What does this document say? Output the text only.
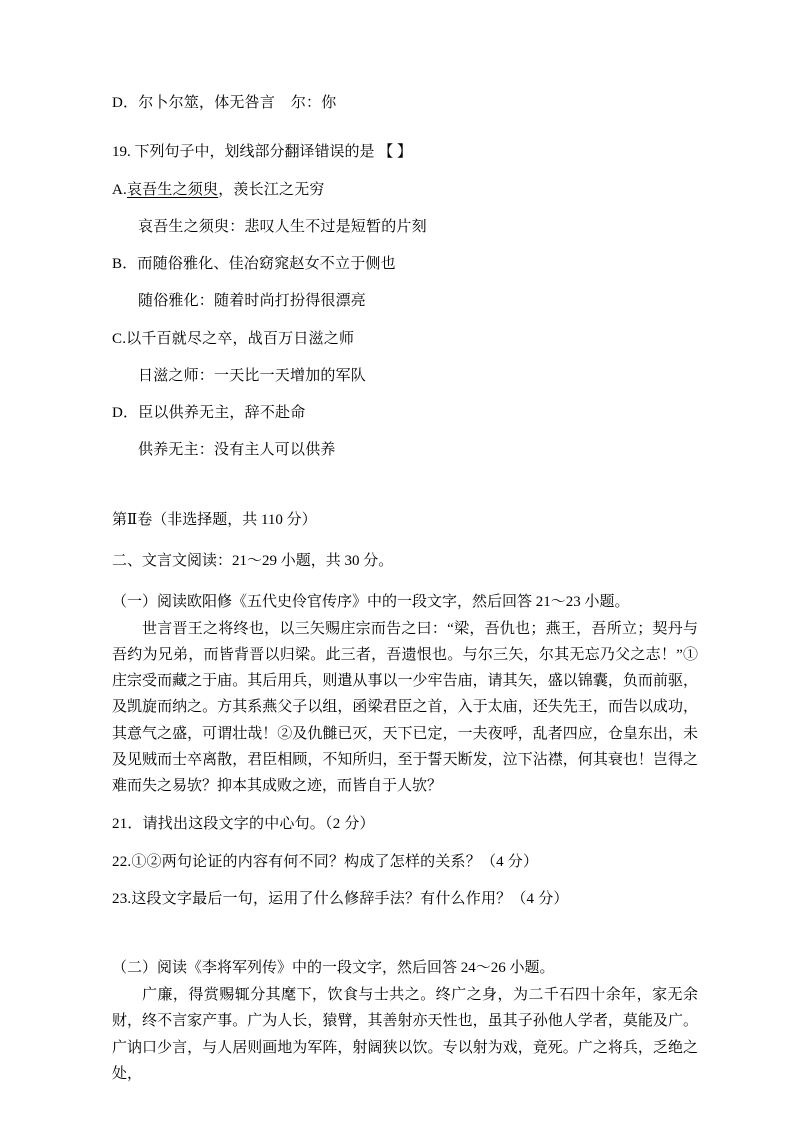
D．尔卜尔筮，体无咎言    尔：你
19. 下列句子中，划线部分翻译错误的是 【 】
A.哀吾生之须臾，羡长江之无穷
哀吾生之须臾：悲叹人生不过是短暂的片刻
B．而随俗雅化、佳冶窈窕赵女不立于侧也
随俗雅化：随着时尚打扮得很漂亮
C.以千百就尽之卒，战百万日滋之师
日滋之师：一天比一天增加的军队
D．臣以供养无主，辞不赴命
供养无主：没有主人可以供养
第Ⅱ卷（非选择题，共 110 分）
二、文言文阅读：21～29 小题，共 30 分。
（一）阅读欧阳修《五代史伶官传序》中的一段文字，然后回答 21～23 小题。
世言晋王之将终也，以三矢赐庄宗而告之曰：“梁，吾仇也；燕王，吾所立；契丹与吾约为兄弟，而皆背晋以归梁。此三者，吾遗恨也。与尔三矢，尔其无忘乃父之志！”①庄宗受而藏之于庙。其后用兵，则遣从事以一少牢告庙，请其矢，盛以锦囊，负而前驱，及凯旋而纳之。方其系燕父子以组，函梁君臣之首，入于太庙，还失先王，而告以成功，其意气之盛，可谓壮哉！②及仇雠已灭，天下已定，一夫夜呼，乱者四应，仓皇东出，未及见贼而士卒离散，君臣相顾，不知所归，至于誓天断发，泣下沾襟，何其衰也！岂得之难而失之易欤？抑本其成败之迹，而皆自于人欤？
21．请找出这段文字的中心句。（2 分）
22.①②两句论证的内容有何不同？构成了怎样的关系？（4 分）
23.这段文字最后一句，运用了什么修辞手法？有什么作用？（4 分）
（二）阅读《李将军列传》中的一段文字，然后回答 24～26 小题。
广廉，得赏赐辄分其麾下，饮食与士共之。终广之身，为二千石四十余年，家无余财，终不言家产事。广为人长，猿臂，其善射亦天性也，虽其子孙他人学者，莫能及广。广讷口少言，与人居则画地为军阵，射阔狭以饮。专以射为戏，竟死。广之将兵，乏绝之处，
